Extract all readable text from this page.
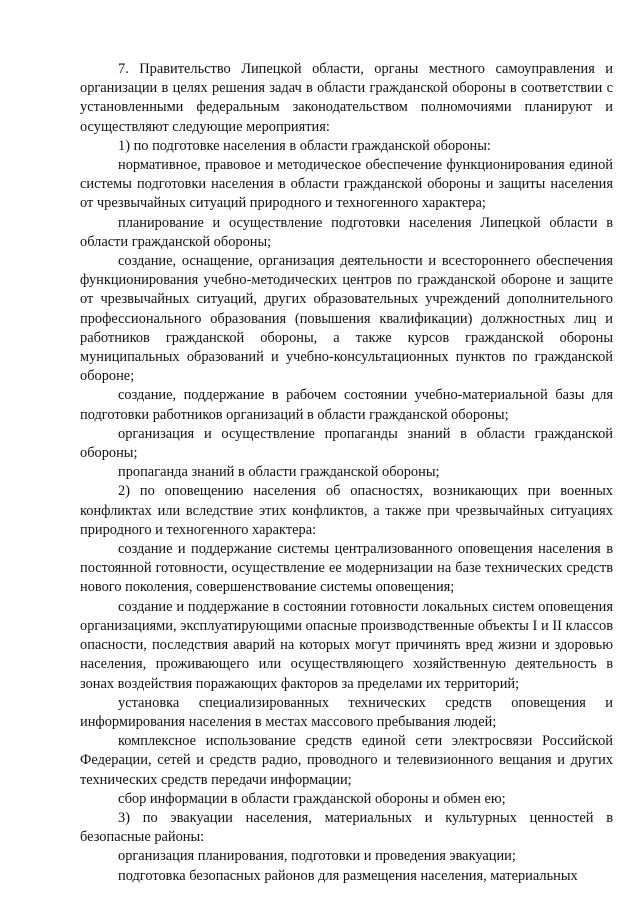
7. Правительство Липецкой области, органы местного самоуправления и организации в целях решения задач в области гражданской обороны в соответствии с установленными федеральным законодательством полномочиями планируют и осуществляют следующие мероприятия:

1) по подготовке населения в области гражданской обороны:

нормативное, правовое и методическое обеспечение функционирования единой системы подготовки населения в области гражданской обороны и защиты населения от чрезвычайных ситуаций природного и техногенного характера;

планирование и осуществление подготовки населения Липецкой области в области гражданской обороны;

создание, оснащение, организация деятельности и всестороннего обеспечения функционирования учебно-методических центров по гражданской обороне и защите от чрезвычайных ситуаций, других образовательных учреждений дополнительного профессионального образования (повышения квалификации) должностных лиц и работников гражданской обороны, а также курсов гражданской обороны муниципальных образований и учебно-консультационных пунктов по гражданской обороне;

создание, поддержание в рабочем состоянии учебно-материальной базы для подготовки работников организаций в области гражданской обороны;

организация и осуществление пропаганды знаний в области гражданской обороны;

пропаганда знаний в области гражданской обороны;

2) по оповещению населения об опасностях, возникающих при военных конфликтах или вследствие этих конфликтов, а также при чрезвычайных ситуациях природного и техногенного характера:

создание и поддержание системы централизованного оповещения населения в постоянной готовности, осуществление ее модернизации на базе технических средств нового поколения, совершенствование системы оповещения;

создание и поддержание в состоянии готовности локальных систем оповещения организациями, эксплуатирующими опасные производственные объекты I и II классов опасности, последствия аварий на которых могут причинять вред жизни и здоровью населения, проживающего или осуществляющего хозяйственную деятельность в зонах воздействия поражающих факторов за пределами их территорий;

установка специализированных технических средств оповещения и информирования населения в местах массового пребывания людей;

комплексное использование средств единой сети электросвязи Российской Федерации, сетей и средств радио, проводного и телевизионного вещания и других технических средств передачи информации;

сбор информации в области гражданской обороны и обмен ею;

3) по эвакуации населения, материальных и культурных ценностей в безопасные районы:

организация планирования, подготовки и проведения эвакуации;

подготовка безопасных районов для размещения населения, материальных
